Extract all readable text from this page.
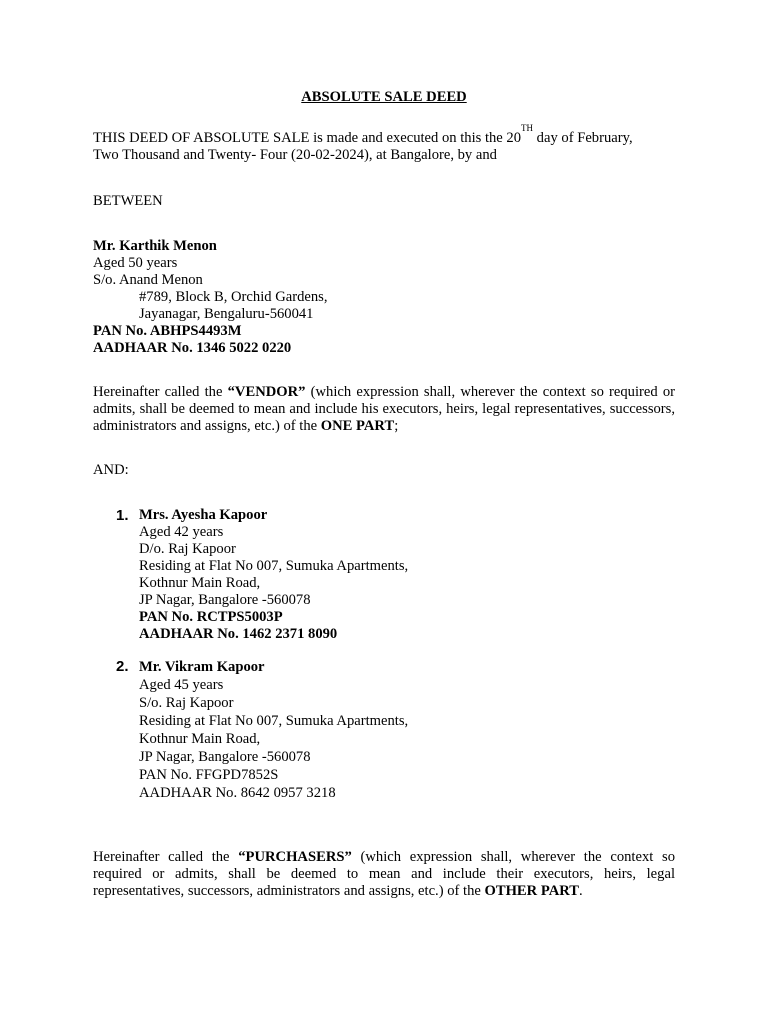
ABSOLUTE SALE DEED
THIS DEED OF ABSOLUTE SALE is made and executed on this the 20TH day of February,
Two Thousand and Twenty- Four (20-02-2024), at Bangalore, by and
BETWEEN
Mr. Karthik Menon
Aged 50 years
S/o. Anand Menon
#789, Block B, Orchid Gardens,
Jayanagar, Bengaluru-560041
PAN No. ABHPS4493M
AADHAAR No. 1346 5022 0220
Hereinafter called the “VENDOR” (which expression shall, wherever the context so required or admits, shall be deemed to mean and include his executors, heirs, legal representatives, successors, administrators and assigns, etc.) of the ONE PART;
AND:
1. Mrs. Ayesha Kapoor
Aged 42 years
D/o. Raj Kapoor
Residing at Flat No 007, Sumuka Apartments,
Kothnur Main Road,
JP Nagar, Bangalore -560078
PAN No. RCTPS5003P
AADHAAR No. 1462 2371 8090
2. Mr. Vikram Kapoor
Aged 45 years
S/o. Raj Kapoor
Residing at Flat No 007, Sumuka Apartments,
Kothnur Main Road,
JP Nagar, Bangalore -560078
PAN No. FFGPD7852S
AADHAAR No. 8642 0957 3218
Hereinafter called the “PURCHASERS” (which expression shall, wherever the context so required or admits, shall be deemed to mean and include their executors, heirs, legal representatives, successors, administrators and assigns, etc.) of the OTHER PART.
